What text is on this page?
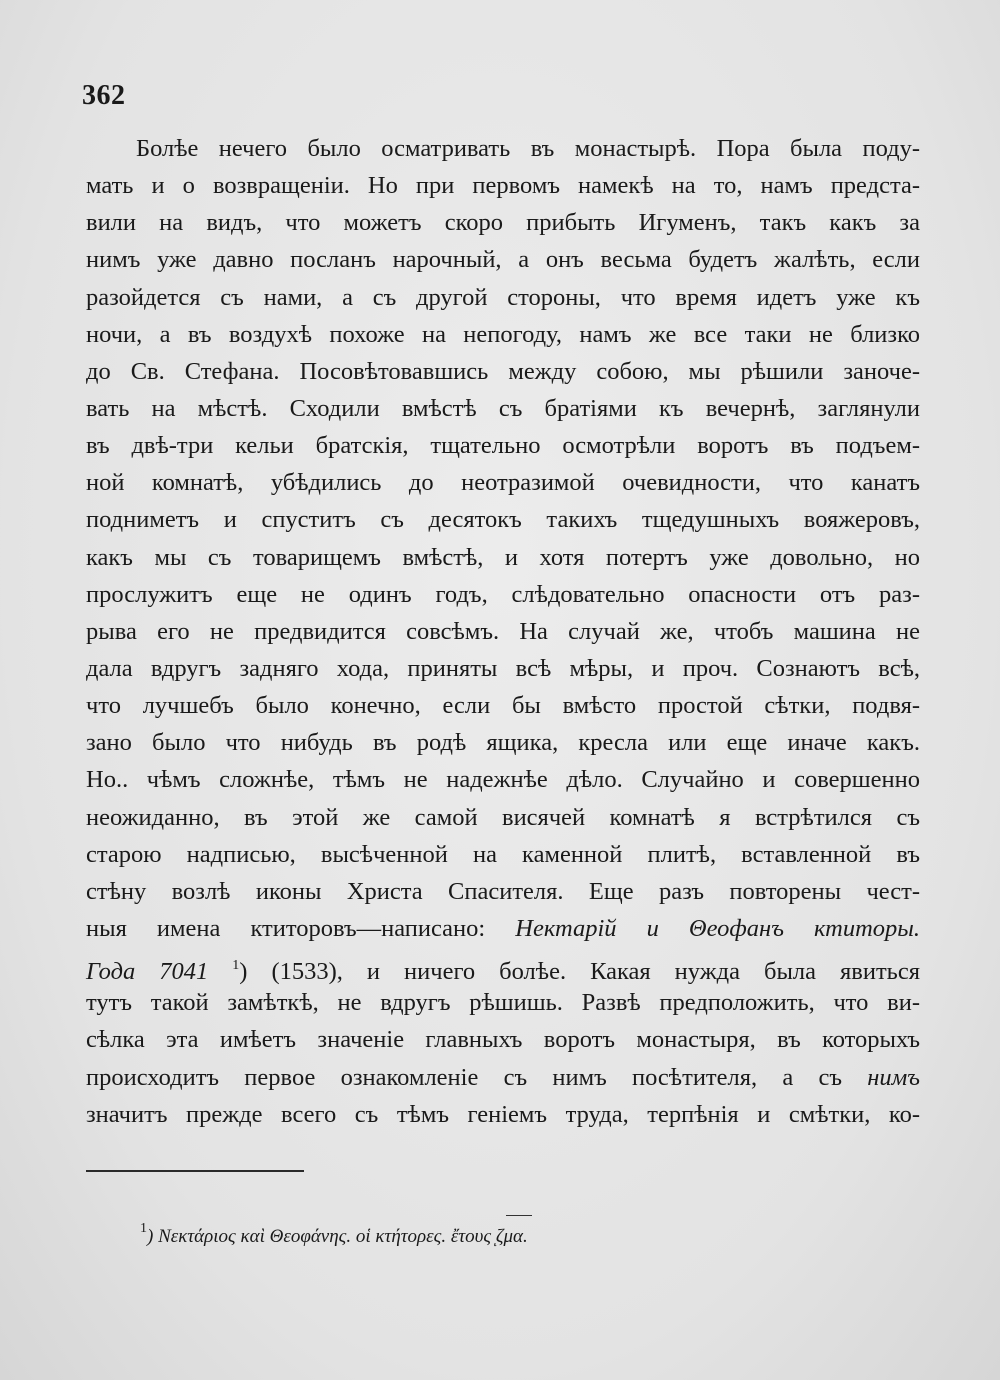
362
Болѣе нечего было осматривать въ монастырѣ. Пора была поду-
мать и о возвращеніи. Но при первомъ намекѣ на то, намъ предста-
вили на видъ, что можетъ скоро прибыть Игуменъ, такъ какъ за
нимъ уже давно посланъ нарочный, а онъ весьма будетъ жалѣть, если
разойдется съ нами, а съ другой стороны, что время идетъ уже къ
ночи, а въ воздухѣ похоже на непогоду, намъ же все таки не близко
до Св. Стефана. Посовѣтовавшись между собою, мы рѣшили заноче-
вать на мѣстѣ. Сходили вмѣстѣ съ братіями къ вечернѣ, заглянули
въ двѣ-три кельи братскія, тщательно осмотрѣли воротъ въ подъем-
ной комнатѣ, убѣдились до неотразимой очевидности, что канатъ
подниметъ и спуститъ съ десятокъ такихъ тщедушныхъ вояжеровъ,
какъ мы съ товарищемъ вмѣстѣ, и хотя потертъ уже довольно, но
прослужитъ еще не одинъ годъ, слѣдовательно опасности отъ раз-
рыва его не предвидится совсѣмъ. На случай же, чтобъ машина не
дала вдругъ задняго хода, приняты всѣ мѣры, и проч. Сознаютъ всѣ,
что лучшебъ было конечно, если бы вмѣсто простой сѣтки, подвя-
зано было что нибудь въ родѣ ящика, кресла или еще иначе какъ.
Но.. чѣмъ сложнѣе, тѣмъ не надежнѣе дѣло. Случайно и совершенно
неожиданно, въ этой же самой висячей комнатѣ я встрѣтился съ
старою надписью, высѣченной на каменной плитѣ, вставленной въ
стѣну возлѣ иконы Христа Спасителя. Еще разъ повторены чест-
ныя имена ктиторовъ—написано: Нектарій и Θеофанъ ктиторы.
Года 7041 $^1$) (1533), и ничего болѣе. Какая нужда была явиться
тутъ такой замѣткѣ, не вдругъ рѣшишь. Развѣ предположить, что ви-
сѣлка эта имѣетъ значеніе главныхъ воротъ монастыря, въ которыхъ
происходитъ первое ознакомленіе съ нимъ посѣтителя, а съ нимъ
значитъ прежде всего съ тѣмъ геніемъ труда, терпѣнія и смѣтки, ко-
$^1$) Νεκτάριος καὶ Θεοφάνης. οἱ κτήτορες. ἔτους ͅζμα.
